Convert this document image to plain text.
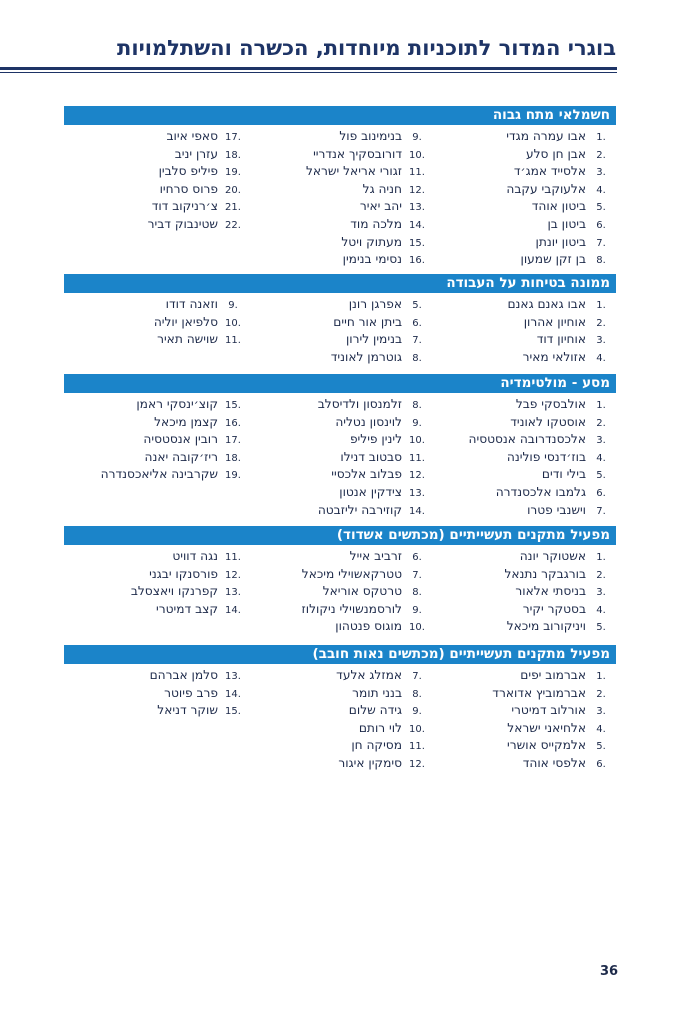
בוגרי המדור לתוכניות מיוחדות, הכשרה והשתלמויות
חשמלאי מתח גבוה
1.
אבו עמרה מגדי
2.
אבן חן סלע
3.
אלסייד אמג׳ד
4.
אלעוקבי עקבה
5.
ביטון אוהד
6.
ביטון בן
7.
ביטון יונתן
8.
בן זקן שמעון
9.
בנימינוב פול
10.
דורובסקיך אנדריי
11.
זגורי אריאל ישראל
12.
חניה גל
13.
יהב יאיר
14.
מלכה מוד
15.
מעתוק ויטל
16.
נסימי בנימין
17.
סאפי איוב
18.
עזרן יניב
19.
פיליפ סלבין
20.
פרוס סרחיו
21.
צ׳רניקוב דוד
22.
שטינבוק דביר
ממונה בטיחות על העבודה
1.
אבו גאנם גאנם
2.
אוחיון אהרון
3.
אוחיון דוד
4.
אזולאי מאיר
5.
אפרגן רונן
6.
ביתן אור חיים
7.
בנימין לירון
8.
גוטרמן לאוניד
9.
וזאנה דודו
10.
סלפיאן יוליה
11.
שוישה תאיר
מסע - מולטימדיה
1.
אולבסקי פבל
2.
אוסטקו לאוניד
3.
אלכסנדרובה אנסטסיה
4.
בוז׳דנסי פולינה
5.
בילי ודים
6.
גלמבו אלכסנדרה
7.
וישנבי פטרו
8.
זלמנסון ולדיסלב
9.
לוינסון נטליה
10.
לינין פיליפ
11.
סבטוב דנילו
12.
פבלוב אלכסיי
13.
צידקין אנטון
14.
קוזירבה יליזבטה
15.
קוצ׳ינסקי ראמן
16.
קצמן מיכאל
17.
רובין אנסטסיה
18.
ריז׳קובה יאנה
19.
שקרבינה אליאכסנדרה
מפעיל מתקנים תעשייתיים (מכתשים אשדוד)
1.
אשטוקר יונה
2.
בורגבקר נתנאל
3.
בניסתי אלאור
4.
בסטקר יקיר
5.
ויניקורוב מיכאל
6.
זרביב אייל
7.
טטרקאשוילי מיכאל
8.
טרטקס אוריאל
9.
לורסמנשוילי ניקולוז
10.
מוגוס פנטהון
11.
נגה דוויט
12.
פורסנקו יבגני
13.
קפרנקו ויאצסלב
14.
קצב דמיטרי
מפעיל מתקנים תעשייתיים (מכתשים נאות חובב)
1.
אברמוב יפים
2.
אברמוביץ אדוארד
3.
אורלוב דמיטרי
4.
אלחיאני ישראל
5.
אלמקייס אושרי
6.
אלפסי אוהד
7.
אמזלג אלעד
8.
בנני תומר
9.
גידה שלום
10.
לוי רותם
11.
מסיקה חן
12.
סימקין איגור
13.
סלמן אברהם
14.
פרב פיוטר
15.
שוקר דניאל
36
